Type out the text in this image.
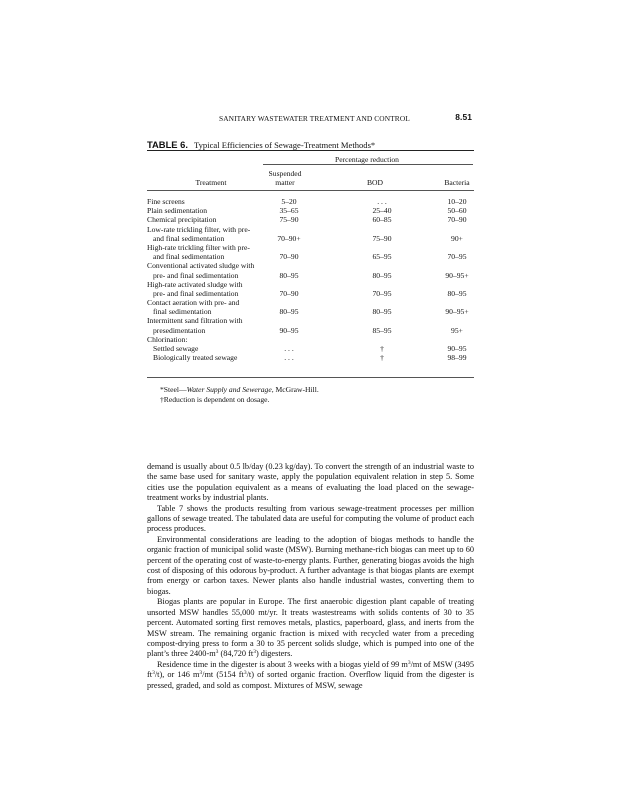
SANITARY WASTEWATER TREATMENT AND CONTROL	8.51
TABLE 6. Typical Efficiencies of Sewage-Treatment Methods*
Percentage reduction
Treatment
Suspended
matter	BOD	Bacteria
Fine screens	5–20	. . .	10–20
Plain sedimentation	35–65	25–40	50–60
Chemical precipitation	75–90	60–85	70–90
Low-rate trickling filter, with pre-
and final sedimentation	70–90+	75–90	90+
High-rate trickling filter with pre-
and final sedimentation	70–90	65–95	70–95
Conventional activated sludge with
pre- and final sedimentation	80–95	80–95	90–95+
High-rate activated sludge with
pre- and final sedimentation	70–90	70–95	80–95
Contact aeration with pre- and
final sedimentation	80–95	80–95	90–95+
Intermittent sand filtration with
presedimentation	90–95	85–95	95+
Chlorination:
Settled sewage	. . .	†	90–95
Biologically treated sewage	. . .	†	98–99
*Steel—Water Supply and Sewerage, McGraw-Hill.
†Reduction is dependent on dosage.

demand is usually about 0.5 lb/day (0.23 kg/day). To convert the strength of an industrial waste to the same base used for sanitary waste, apply the population equivalent relation in step 5. Some cities use the population equivalent as a means of evaluating the load placed on the sewage-treatment works by industrial plants.

Table 7 shows the products resulting from various sewage-treatment processes per million gallons of sewage treated. The tabulated data are useful for computing the volume of product each process produces.

Environmental considerations are leading to the adoption of biogas methods to handle the organic fraction of municipal solid waste (MSW). Burning methane-rich biogas can meet up to 60 percent of the operating cost of waste-to-energy plants. Further, generating biogas avoids the high cost of disposing of this odorous by-product. A further advantage is that biogas plants are exempt from energy or carbon taxes. Newer plants also handle industrial wastes, converting them to biogas.

Biogas plants are popular in Europe. The first anaerobic digestion plant capable of treating unsorted MSW handles 55,000 mt/yr. It treats wastestreams with solids contents of 30 to 35 percent. Automated sorting first removes metals, plastics, paperboard, glass, and inerts from the MSW stream. The remaining organic fraction is mixed with recycled water from a preceding compost-drying press to form a 30 to 35 percent solids sludge, which is pumped into one of the plant’s three $2400-m^3$ (84,720 $ft^3$) digesters.

Residence time in the digester is about 3 weeks with a biogas yield of 99 $m^3/mt$ of MSW (3495 $ft^3/t$), or 146 $m^3/mt$ (5154 $ft^3/t$) of sorted organic fraction. Overflow liquid from the digester is pressed, graded, and sold as compost. Mixtures of MSW, sewage
